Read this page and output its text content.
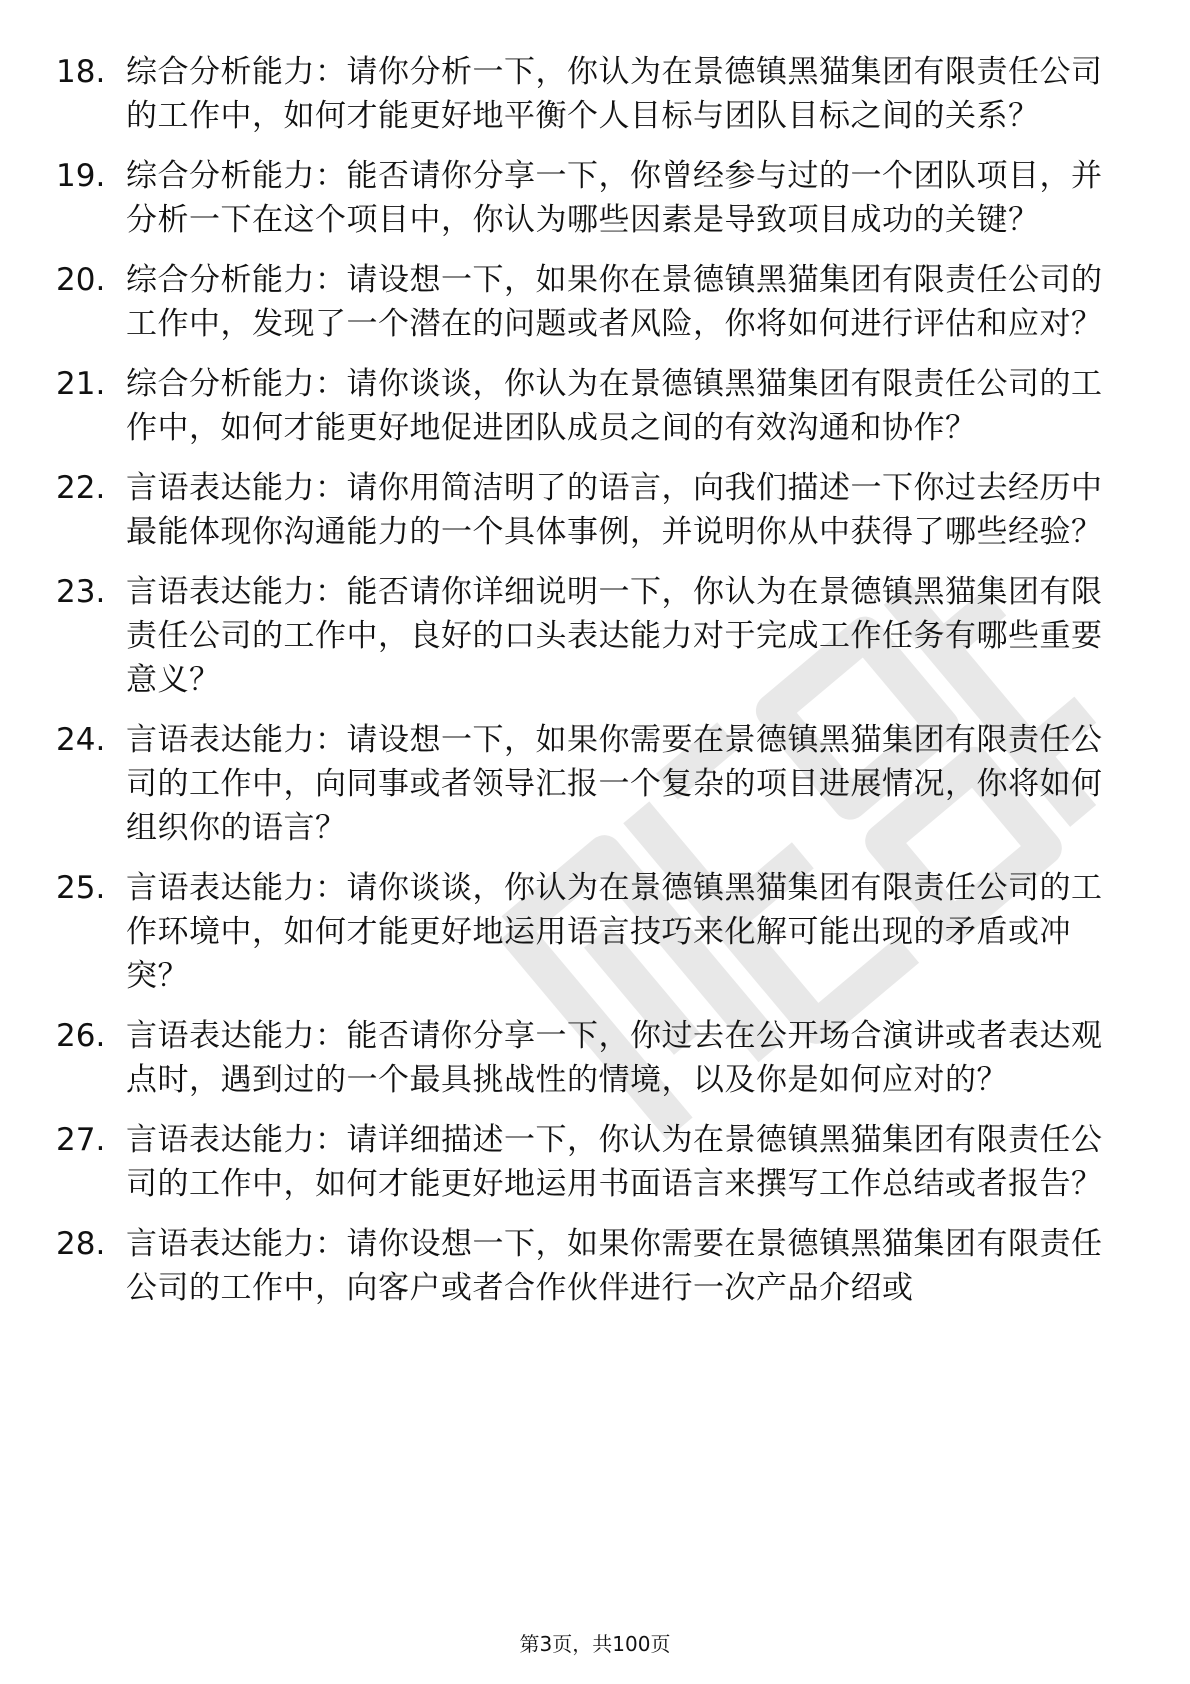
18. 综合分析能力：请你分析一下，你认为在景德镇黑猫集团有限责任公司的工作中，如何才能更好地平衡个人目标与团队目标之间的关系？
19. 综合分析能力：能否请你分享一下，你曾经参与过的一个团队项目，并分析一下在这个项目中，你认为哪些因素是导致项目成功的关键？
20. 综合分析能力：请设想一下，如果你在景德镇黑猫集团有限责任公司的工作中，发现了一个潜在的问题或者风险，你将如何进行评估和应对？
21. 综合分析能力：请你谈谈，你认为在景德镇黑猫集团有限责任公司的工作中，如何才能更好地促进团队成员之间的有效沟通和协作？
22. 言语表达能力：请你用简洁明了的语言，向我们描述一下你过去经历中最能体现你沟通能力的一个具体事例，并说明你从中获得了哪些经验？
23. 言语表达能力：能否请你详细说明一下，你认为在景德镇黑猫集团有限责任公司的工作中，良好的口头表达能力对于完成工作任务有哪些重要意义？
24. 言语表达能力：请设想一下，如果你需要在景德镇黑猫集团有限责任公司的工作中，向同事或者领导汇报一个复杂的项目进展情况，你将如何组织你的语言？
25. 言语表达能力：请你谈谈，你认为在景德镇黑猫集团有限责任公司的工作环境中，如何才能更好地运用语言技巧来化解可能出现的矛盾或冲突？
26. 言语表达能力：能否请你分享一下，你过去在公开场合演讲或者表达观点时，遇到过的一个最具挑战性的情境，以及你是如何应对的？
27. 言语表达能力：请详细描述一下，你认为在景德镇黑猫集团有限责任公司的工作中，如何才能更好地运用书面语言来撰写工作总结或者报告？
28. 言语表达能力：请你设想一下，如果你需要在景德镇黑猫集团有限责任公司的工作中，向客户或者合作伙伴进行一次产品介绍或
第3页，共100页
